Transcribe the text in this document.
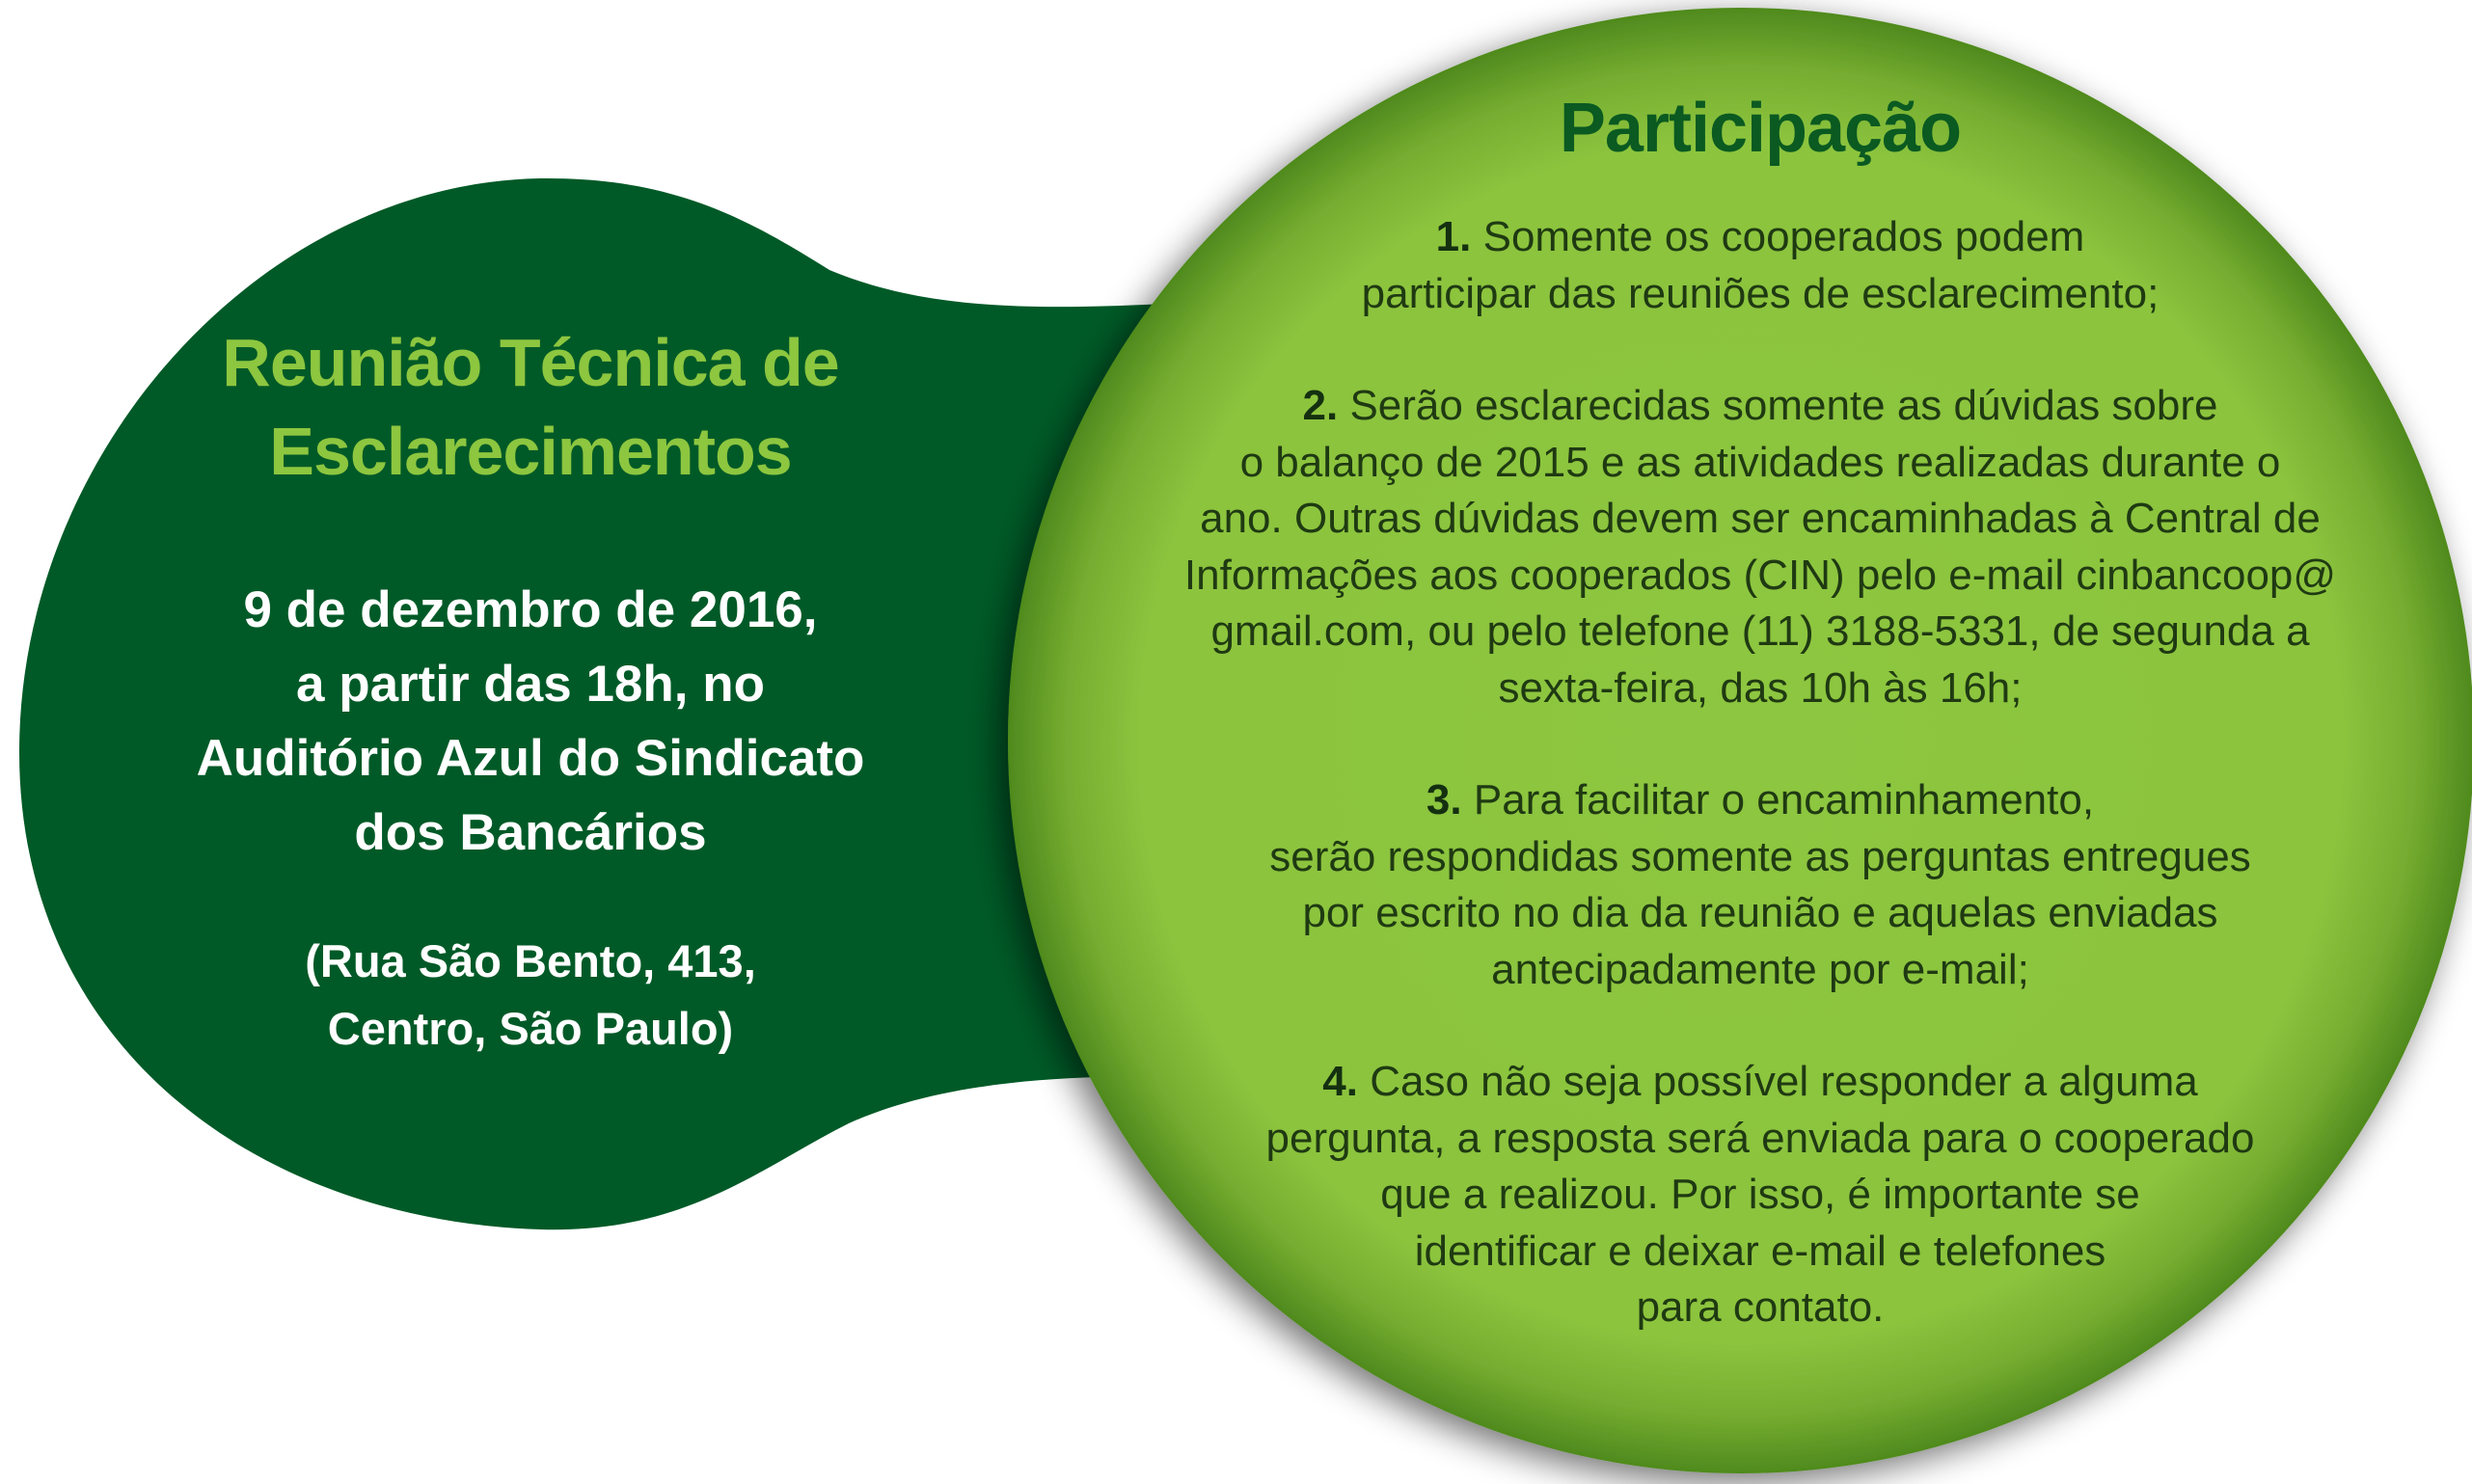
Reunião Técnica de
Esclarecimentos
9 de dezembro de 2016,
a partir das 18h, no
Auditório Azul do Sindicato
dos Bancários
(Rua São Bento, 413,
Centro, São Paulo)
Participação
1. Somente os cooperados podem
participar das reuniões de esclarecimento;
2. Serão esclarecidas somente as dúvidas sobre
o balanço de 2015 e as atividades realizadas durante o
ano. Outras dúvidas devem ser encaminhadas à Central de
Informações aos cooperados (CIN) pelo e-mail cinbancoop@
gmail.com, ou pelo telefone (11) 3188-5331, de segunda a
sexta-feira, das 10h às 16h;
3. Para facilitar o encaminhamento,
serão respondidas somente as perguntas entregues
por escrito no dia da reunião e aquelas enviadas
antecipadamente por e-mail;
4. Caso não seja possível responder a alguma
pergunta, a resposta será enviada para o cooperado
que a realizou. Por isso, é importante se
identificar e deixar e-mail e telefones
para contato.
